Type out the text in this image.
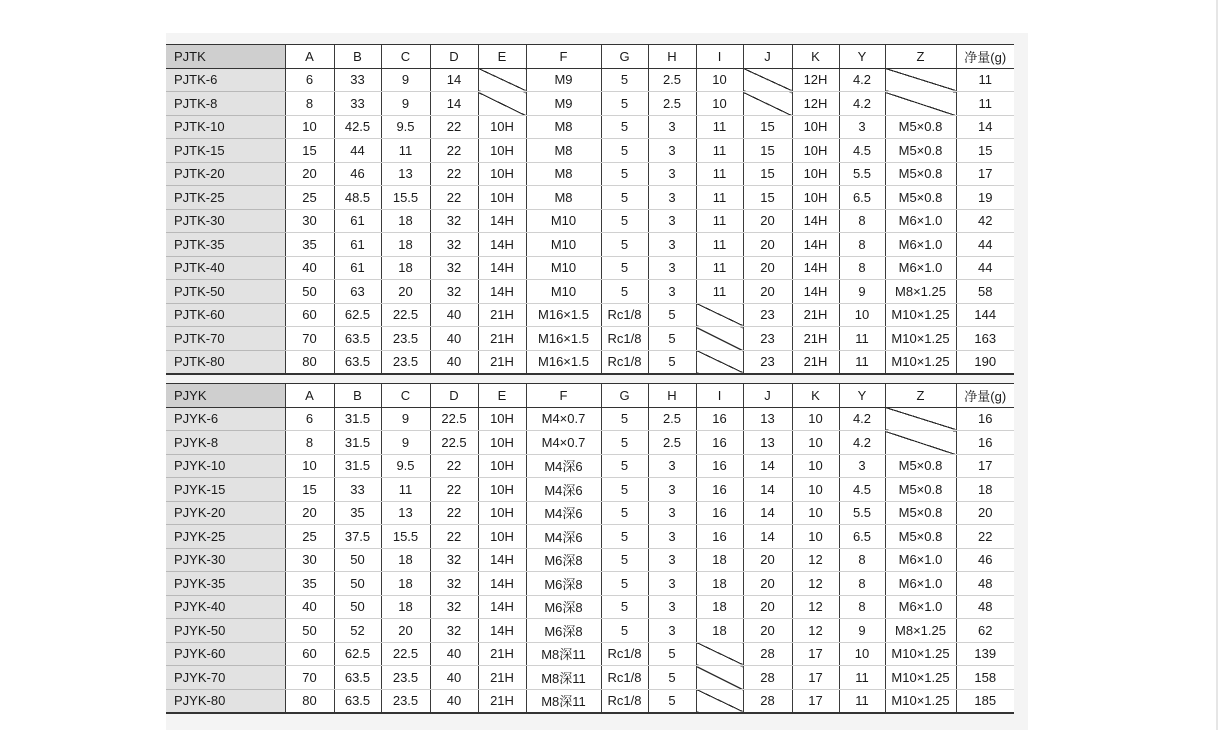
PJTK	A	B	C	D	E	F	G	H	I	J	K	Y	Z	净量(g)
PJTK-6	6	33	9	14		M9	5	2.5	10		12H	4.2		11
PJTK-8	8	33	9	14		M9	5	2.5	10		12H	4.2		11
PJTK-10	10	42.5	9.5	22	10H	M8	5	3	11	15	10H	3	M5×0.8	14
PJTK-15	15	44	11	22	10H	M8	5	3	11	15	10H	4.5	M5×0.8	15
PJTK-20	20	46	13	22	10H	M8	5	3	11	15	10H	5.5	M5×0.8	17
PJTK-25	25	48.5	15.5	22	10H	M8	5	3	11	15	10H	6.5	M5×0.8	19
PJTK-30	30	61	18	32	14H	M10	5	3	11	20	14H	8	M6×1.0	42
PJTK-35	35	61	18	32	14H	M10	5	3	11	20	14H	8	M6×1.0	44
PJTK-40	40	61	18	32	14H	M10	5	3	11	20	14H	8	M6×1.0	44
PJTK-50	50	63	20	32	14H	M10	5	3	11	20	14H	9	M8×1.25	58
PJTK-60	60	62.5	22.5	40	21H	M16×1.5	Rc1/8	5		23	21H	10	M10×1.25	144
PJTK-70	70	63.5	23.5	40	21H	M16×1.5	Rc1/8	5		23	21H	11	M10×1.25	163
PJTK-80	80	63.5	23.5	40	21H	M16×1.5	Rc1/8	5		23	21H	11	M10×1.25	190
PJYK	A	B	C	D	E	F	G	H	I	J	K	Y	Z	净量(g)
PJYK-6	6	31.5	9	22.5	10H	M4×0.7	5	2.5	16	13	10	4.2		16
PJYK-8	8	31.5	9	22.5	10H	M4×0.7	5	2.5	16	13	10	4.2		16
PJYK-10	10	31.5	9.5	22	10H	M4深6	5	3	16	14	10	3	M5×0.8	17
PJYK-15	15	33	11	22	10H	M4深6	5	3	16	14	10	4.5	M5×0.8	18
PJYK-20	20	35	13	22	10H	M4深6	5	3	16	14	10	5.5	M5×0.8	20
PJYK-25	25	37.5	15.5	22	10H	M4深6	5	3	16	14	10	6.5	M5×0.8	22
PJYK-30	30	50	18	32	14H	M6深8	5	3	18	20	12	8	M6×1.0	46
PJYK-35	35	50	18	32	14H	M6深8	5	3	18	20	12	8	M6×1.0	48
PJYK-40	40	50	18	32	14H	M6深8	5	3	18	20	12	8	M6×1.0	48
PJYK-50	50	52	20	32	14H	M6深8	5	3	18	20	12	9	M8×1.25	62
PJYK-60	60	62.5	22.5	40	21H	M8深11	Rc1/8	5		28	17	10	M10×1.25	139
PJYK-70	70	63.5	23.5	40	21H	M8深11	Rc1/8	5		28	17	11	M10×1.25	158
PJYK-80	80	63.5	23.5	40	21H	M8深11	Rc1/8	5		28	17	11	M10×1.25	185
